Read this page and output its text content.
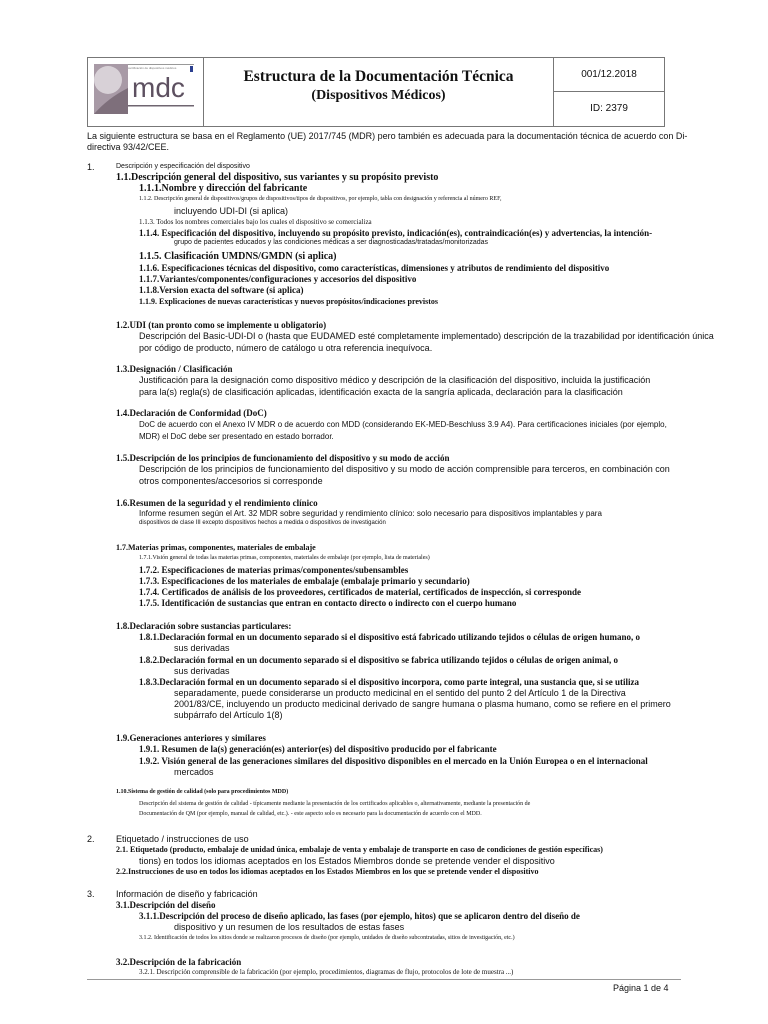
certificación de dispositivos médicos
mdc	Estructura de la Documentación Técnica
(Dispositivos Médicos)
001/12.2018
ID: 2379
La siguiente estructura se basa en el Reglamento (UE) 2017/745 (MDR) pero también es adecuada para la documentación técnica de acuerdo con Di-
directiva 93/42/CEE.
1.	Descripción y especificación del dispositivo
1.1.Descripción general del dispositivo, sus variantes y su propósito previsto
1.1.1.Nombre y dirección del fabricante
1.1.2. Descripción general de dispositivos/grupos de dispositivos/tipos de dispositivos, por ejemplo, tabla con designación y referencia al número REF,
incluyendo UDI-DI (si aplica)
1.1.3. Todos los nombres comerciales bajo los cuales el dispositivo se comercializa
1.1.4. Especificación del dispositivo, incluyendo su propósito previsto, indicación(es), contraindicación(es) y advertencias, la intención-
grupo de pacientes educados y las condiciones médicas a ser diagnosticadas/tratadas/monitorizadas
1.1.5. Clasificación UMDNS/GMDN (si aplica)
1.1.6. Especificaciones técnicas del dispositivo, como características, dimensiones y atributos de rendimiento del dispositivo
1.1.7.Variantes/componentes/configuraciones y accesorios del dispositivo
1.1.8.Version exacta del software (si aplica)
1.1.9. Explicaciones de nuevas características y nuevos propósitos/indicaciones previstos
1.2.UDI (tan pronto como se implemente u obligatorio)
Descripción del Basic-UDI-DI o (hasta que EUDAMED esté completamente implementado) descripción de la trazabilidad por identificación única
por código de producto, número de catálogo u otra referencia inequívoca.
1.3.Designación / Clasificación
Justificación para la designación como dispositivo médico y descripción de la clasificación del dispositivo, incluida la justificación
para la(s) regla(s) de clasificación aplicadas, identificación exacta de la sangría aplicada, declaración para la clasificación
1.4.Declaración de Conformidad (DoC)
DoC de acuerdo con el Anexo IV MDR o de acuerdo con MDD (considerando EK-MED-Beschluss 3.9 A4). Para certificaciones iniciales (por ejemplo,
MDR) el DoC debe ser presentado en estado borrador.
1.5.Descripción de los principios de funcionamiento del dispositivo y su modo de acción
Descripción de los principios de funcionamiento del dispositivo y su modo de acción comprensible para terceros, en combinación con
otros componentes/accesorios si corresponde
1.6.Resumen de la seguridad y el rendimiento clínico
Informe resumen según el Art. 32 MDR sobre seguridad y rendimiento clínico: solo necesario para dispositivos implantables y para
dispositivos de clase III excepto dispositivos hechos a medida o dispositivos de investigación
1.7.Materias primas, componentes, materiales de embalaje
1.7.1.Visión general de todas las materias primas, componentes, materiales de embalaje (por ejemplo, lista de materiales)
1.7.2. Especificaciones de materias primas/componentes/subensambles
1.7.3. Especificaciones de los materiales de embalaje (embalaje primario y secundario)
1.7.4. Certificados de análisis de los proveedores, certificados de material, certificados de inspección, si corresponde
1.7.5. Identificación de sustancias que entran en contacto directo o indirecto con el cuerpo humano
1.8.Declaración sobre sustancias particulares:
1.8.1.Declaración formal en un documento separado si el dispositivo está fabricado utilizando tejidos o células de origen humano, o
sus derivadas
1.8.2.Declaración formal en un documento separado si el dispositivo se fabrica utilizando tejidos o células de origen animal, o
sus derivadas
1.8.3.Declaración formal en un documento separado si el dispositivo incorpora, como parte integral, una sustancia que, si se utiliza
separadamente, puede considerarse un producto medicinal en el sentido del punto 2 del Artículo 1 de la Directiva
2001/83/CE, incluyendo un producto medicinal derivado de sangre humana o plasma humano, como se refiere en el primero
subpárrafo del Artículo 1(8)
1.9.Generaciones anteriores y similares
1.9.1. Resumen de la(s) generación(es) anterior(es) del dispositivo producido por el fabricante
1.9.2. Visión general de las generaciones similares del dispositivo disponibles en el mercado en la Unión Europea o en el internacional
mercados
1.10.Sistema de gestión de calidad (solo para procedimientos MDD)
Descripción del sistema de gestión de calidad - típicamente mediante la presentación de los certificados aplicables o, alternativamente, mediante la presentación de
Documentación de QM (por ejemplo, manual de calidad, etc.). - este aspecto solo es necesario para la documentación de acuerdo con el MDD.
2. Etiquetado / instrucciones de uso
2.1. Etiquetado (producto, embalaje de unidad única, embalaje de venta y embalaje de transporte en caso de condiciones de gestión específicas)
tions) en todos los idiomas aceptados en los Estados Miembros donde se pretende vender el dispositivo
2.2.Instrucciones de uso en todos los idiomas aceptados en los Estados Miembros en los que se pretende vender el dispositivo
3. Información de diseño y fabricación
3.1.Descripción del diseño
3.1.1.Descripción del proceso de diseño aplicado, las fases (por ejemplo, hitos) que se aplicaron dentro del diseño de
dispositivo y un resumen de los resultados de estas fases
3.1.2. Identificación de todos los sitios donde se realizaron procesos de diseño (por ejemplo, unidades de diseño subcontratadas, sitios de investigación, etc.)
3.2.Descripción de la fabricación
3.2.1. Descripción comprensible de la fabricación (por ejemplo, procedimientos, diagramas de flujo, protocolos de lote de muestra ...)
Página 1 de 4
